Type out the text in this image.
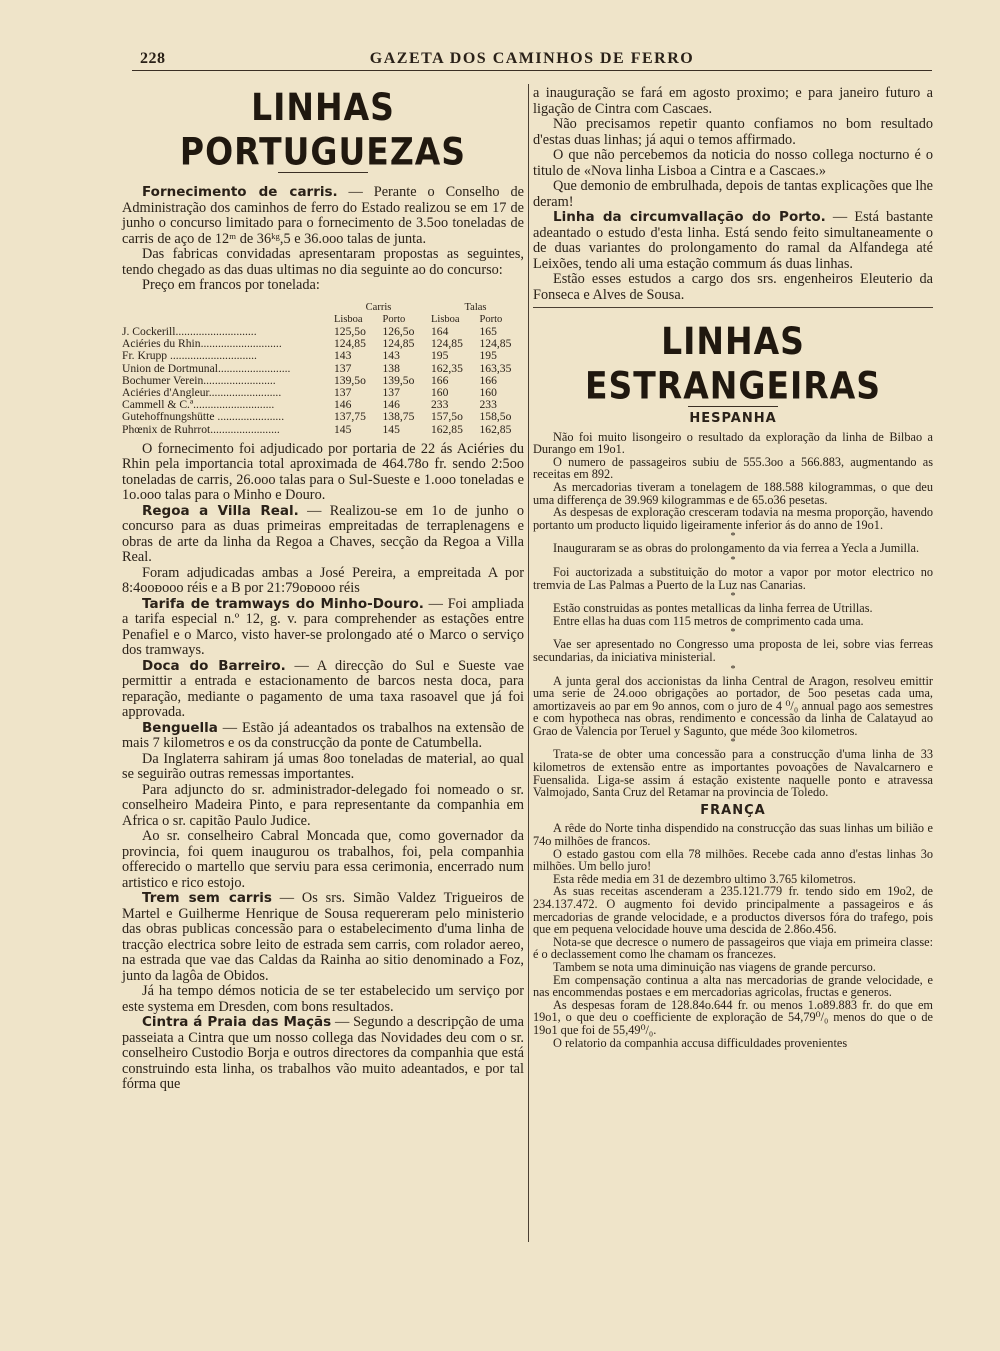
228	GAZETA DOS CAMINHOS DE FERRO
LINHAS PORTUGUEZAS

Fornecimento de carris. — Perante o Conselho de Administração dos caminhos de ferro do Estado realizou se em 17 de junho o concurso limitado para o fornecimento de 3.5oo toneladas de carris de aço de 12ᵐ de 36ᵏᵍ,5 e 36.ooo talas de junta.

Das fabricas convidadas apresentaram propostas as seguintes, tendo chegado as das duas ultimas no dia seguinte ao do concurso:

Preço em francos por tonelada:

	Carris		Talas	
	Lisboa	Porto	Lisboa	Porto
J. Cockerill............................	125,5o	126,5o	164	165
Aciéries du Rhin............................	124,85	124,85	124,85	124,85
Fr. Krupp ..............................	143	143	195	195
Union de Dortmunal.........................	137	138	162,35	163,35
Bochumer Verein.........................	139,5o	139,5o	166	166
Aciéries d'Angleur.........................	137	137	160	160
Cammell & C.ª............................	146	146	233	233
Gutehoffnungshütte .......................	137,75	138,75	157,5o	158,5o
Phœnix de Ruhrrot........................	145	145	162,85	162,85

O fornecimento foi adjudicado por portaria de 22 ás Aciéries du Rhin pela importancia total aproximada de 464.78o fr. sendo 2:5oo toneladas de carris, 26.ooo talas para o Sul-Sueste e 1.ooo toneladas e 1o.ooo talas para o Minho e Douro.

Regoa a Villa Real. — Realizou-se em 1o de junho o concurso para as duas primeiras empreitadas de terraplenagens e obras de arte da linha da Regoa a Chaves, secção da Regoa a Villa Real.

Foram adjudicadas ambas a José Pereira, a empreitada A por 8:4ooᴆooo réis e a B por 21:79oᴆooo réis

Tarifa de tramways do Minho-Douro. — Foi ampliada a tarifa especial n.º 12, g. v. para comprehender as estações entre Penafiel e o Marco, visto haver-se prolongado até o Marco o serviço dos tramways.

Doca do Barreiro. — A direcção do Sul e Sueste vae permittir a entrada e estacionamento de barcos nesta doca, para reparação, mediante o pagamento de uma taxa rasoavel que já foi approvada.

Benguella — Estão já adeantados os trabalhos na extensão de mais 7 kilometros e os da construcção da ponte de Catumbella.

Da Inglaterra sahiram já umas 8oo toneladas de material, ao qual se seguirão outras remessas importantes.

Para adjuncto do sr. administrador-delegado foi nomeado o sr. conselheiro Madeira Pinto, e para representante da companhia em Africa o sr. capitão Paulo Judice.

Ao sr. conselheiro Cabral Moncada que, como governador da provincia, foi quem inaugurou os trabalhos, foi, pela companhia offerecido o martello que serviu para essa cerimonia, encerrado num artistico e rico estojo.

Trem sem carris — Os srs. Simão Valdez Trigueiros de Martel e Guilherme Henrique de Sousa requereram pelo ministerio das obras publicas concessão para o estabelecimento d'uma linha de tracção electrica sobre leito de estrada sem carris, com rolador aereo, na estrada que vae das Caldas da Rainha ao sitio denominado a Foz, junto da lagôa de Obidos.

Já ha tempo démos noticia de se ter estabelecido um serviço por este systema em Dresden, com bons resultados.

Cintra á Praia das Maçãs — Segundo a descripção de uma passeiata a Cintra que um nosso collega das Novidades deu com o sr. conselheiro Custodio Borja e outros directores da companhia que está construindo esta linha, os trabalhos vão muito adeantados, e por tal fórma que

a inauguração se fará em agosto proximo; e para janeiro futuro a ligação de Cintra com Cascaes.

Não precisamos repetir quanto confiamos no bom resultado d'estas duas linhas; já aqui o temos affirmado.

O que não percebemos da noticia do nosso collega nocturno é o titulo de «Nova linha Lisboa a Cintra e a Cascaes.»

Que demonio de embrulhada, depois de tantas explicações que lhe deram!

Linha da circumvallação do Porto. — Está bastante adeantado o estudo d'esta linha. Está sendo feito simultaneamente o de duas variantes do prolongamento do ramal da Alfandega até Leixões, tendo ali uma estação commum ás duas linhas.

Estão esses estudos a cargo dos srs. engenheiros Eleuterio da Fonseca e Alves de Sousa.

LINHAS ESTRANGEIRAS
HESPANHA

Não foi muito lisongeiro o resultado da exploração da linha de Bilbao a Durango em 19o1.

O numero de passageiros subiu de 555.3oo a 566.883, augmentando as receitas em 892.

As mercadorias tiveram a tonelagem de 188.588 kilogrammas, o que deu uma differença de 39.969 kilogrammas e de 65.o36 pesetas.

As despesas de exploração cresceram todavia na mesma proporção, havendo portanto um producto liquido ligeiramente inferior ás do anno de 19o1.

*

Inauguraram se as obras do prolongamento da via ferrea a Yecla a Jumilla.

*

Foi auctorizada a substituição do motor a vapor por motor electrico no tremvia de Las Palmas a Puerto de la Luz nas Canarias.

*

Estão construidas as pontes metallicas da linha ferrea de Utrillas.

Entre ellas ha duas com 115 metros de comprimento cada uma.

*

Vae ser apresentado no Congresso uma proposta de lei, sobre vias ferreas secundarias, da iniciativa ministerial.

*

A junta geral dos accionistas da linha Central de Aragon, resolveu emittir uma serie de 24.ooo obrigações ao portador, de 5oo pesetas cada uma, amortizaveis ao par em 9o annos, com o juro de 4 ⁰/₀ annual pago aos semestres e com hypotheca nas obras, rendimento e concessão da linha de Calatayud ao Grao de Valencia por Teruel y Sagunto, que méde 3oo kilometros.

*

Trata-se de obter uma concessão para a construcção d'uma linha de 33 kilometros de extensão entre as importantes povoações de Navalcarnero e Fuensalida. Liga-se assim á estação existente naquelle ponto e atravessa Valmojado, Santa Cruz del Retamar na provincia de Toledo.

FRANÇA

A rêde do Norte tinha dispendido na construcção das suas linhas um bilião e 74o milhões de francos.

O estado gastou com ella 78 milhões. Recebe cada anno d'estas linhas 3o milhões. Um bello juro!

Esta rêde media em 31 de dezembro ultimo 3.765 kilometros.

As suas receitas ascenderam a 235.121.779 fr. tendo sido em 19o2, de 234.137.472. O augmento foi devido principalmente a passageiros e ás mercadorias de grande velocidade, e a productos diversos fóra do trafego, pois que em pequena velocidade houve uma descida de 2.86o.456.

Nota-se que decresce o numero de passageiros que viaja em primeira classe: é o declassement como lhe chamam os francezes.

Tambem se nota uma diminuição nas viagens de grande percurso.

Em compensação continua a alta nas mercadorias de grande velocidade, e nas encommendas postaes e em mercadorias agricolas, fructas e generos.

As despesas foram de 128.84o.644 fr. ou menos 1.o89.883 fr. do que em 19o1, o que deu o coefficiente de exploração de 54,79⁰/₀ menos do que o de 19o1 que foi de 55,49⁰/₀.

O relatorio da companhia accusa difficuldades provenientes
